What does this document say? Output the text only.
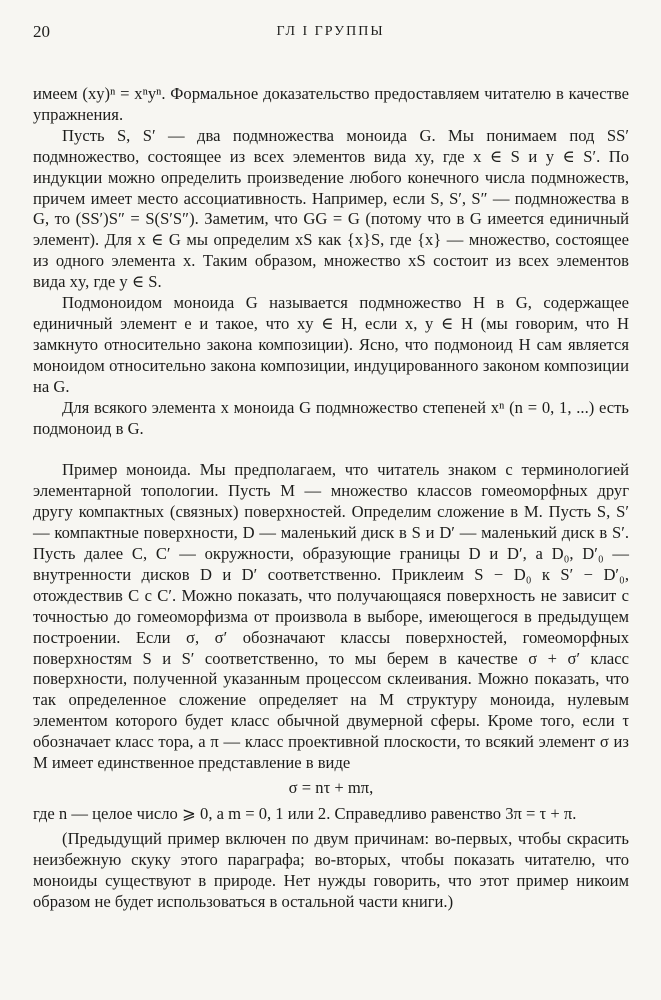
20	ГЛ I ГРУППЫ

имеем (xy)ⁿ = xⁿyⁿ. Формальное доказательство предоставляем читателю в качестве упражнения.

Пусть S, S′ — два подмножества моноида G. Мы понимаем под SS′ подмножество, состоящее из всех элементов вида xy, где x ∈ S и y ∈ S′. По индукции можно определить произведение любого конечного числа подмножеств, причем имеет место ассоциативность. Например, если S, S′, S″ — подмножества в G, то (SS′)S″ = S(S′S″). Заметим, что GG = G (потому что в G имеется единичный элемент). Для x ∈ G мы определим xS как {x}S, где {x} — множество, состоящее из одного элемента x. Таким образом, множество xS состоит из всех элементов вида xy, где y ∈ S.

Подмоноидом моноида G называется подмножество H в G, содержащее единичный элемент e и такое, что xy ∈ H, если x, y ∈ H (мы говорим, что H замкнуто относительно закона композиции). Ясно, что подмоноид H сам является моноидом относительно закона композиции, индуцированного законом композиции на G.

Для всякого элемента x моноида G подмножество степеней xⁿ (n = 0, 1, ...) есть подмоноид в G.

Пример моноида. Мы предполагаем, что читатель знаком с терминологией элементарной топологии. Пусть M — множество классов гомеоморфных друг другу компактных (связных) поверхностей. Определим сложение в M. Пусть S, S′ — компактные поверхности, D — маленький диск в S и D′ — маленький диск в S′. Пусть далее C, C′ — окружности, образующие границы D и D′, а D₀, D′₀ — внутренности дисков D и D′ соответственно. Приклеим S − D₀ к S′ − D′₀, отождествив C с C′. Можно показать, что получающаяся поверхность не зависит с точностью до гомеоморфизма от произвола в выборе, имеющегося в предыдущем построении. Если σ, σ′ обозначают классы поверхностей, гомеоморфных поверхностям S и S′ соответственно, то мы берем в качестве σ + σ′ класс поверхности, полученной указанным процессом склеивания. Можно показать, что так определенное сложение определяет на M структуру моноида, нулевым элементом которого будет класс обычной двумерной сферы. Кроме того, если τ обозначает класс тора, а π — класс проективной плоскости, то всякий элемент σ из M имеет единственное представление в виде

σ = nτ + mπ,

где n — целое число ⩾ 0, а m = 0, 1 или 2. Справедливо равенство 3π = τ + π.

(Предыдущий пример включен по двум причинам: во-первых, чтобы скрасить неизбежную скуку этого параграфа; во-вторых, чтобы показать читателю, что моноиды существуют в природе. Нет нужды говорить, что этот пример никоим образом не будет использоваться в остальной части книги.)
